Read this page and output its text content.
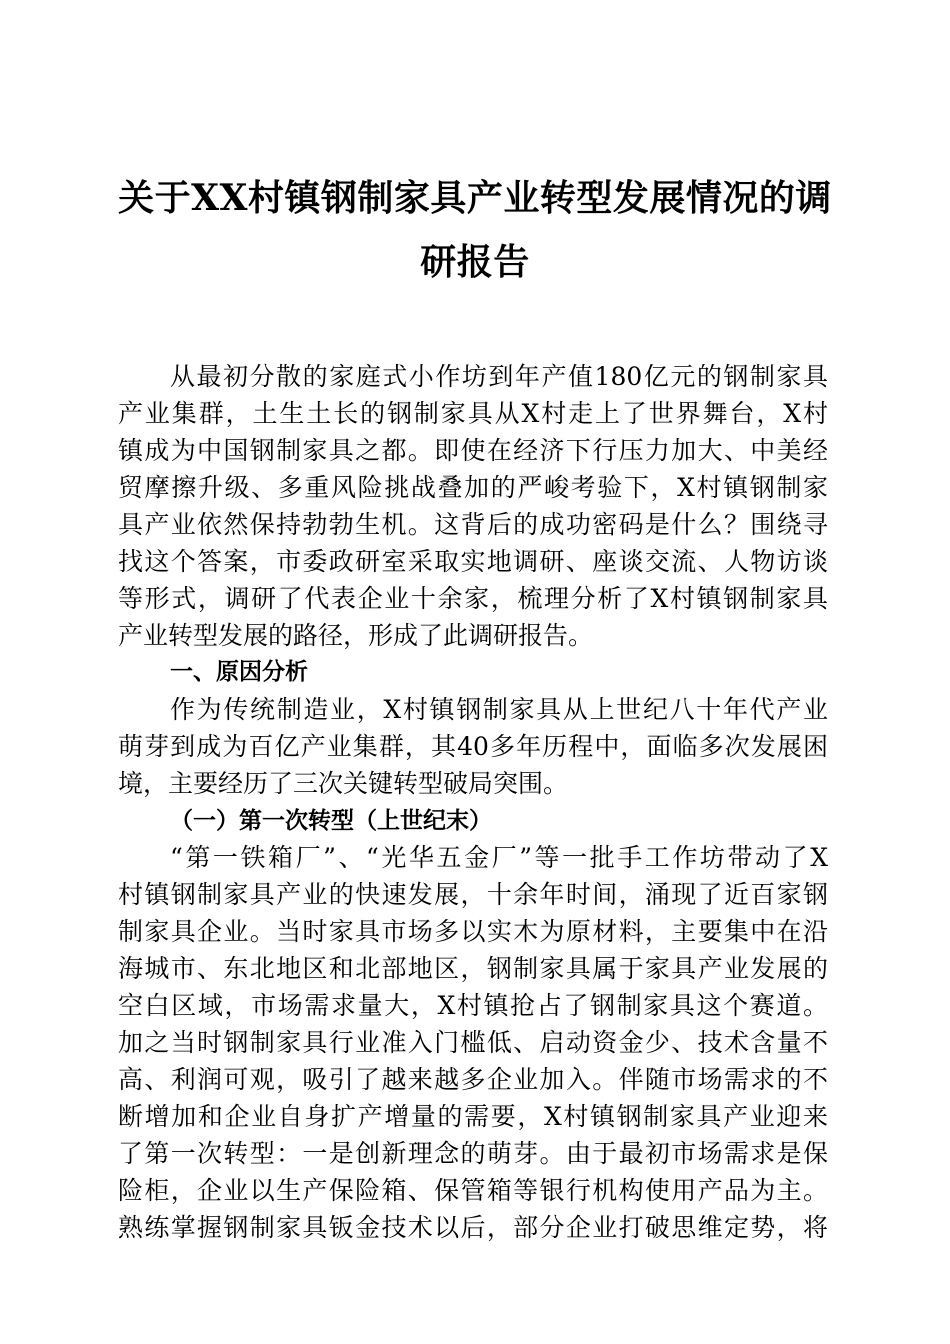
关于XX村镇钢制家具产业转型发展情况的调
研报告
从最初分散的家庭式小作坊到年产值180亿元的钢制家具
产业集群，土生土长的钢制家具从X村走上了世界舞台，X村
镇成为中国钢制家具之都。即使在经济下行压力加大、中美经
贸摩擦升级、多重风险挑战叠加的严峻考验下，X村镇钢制家
具产业依然保持勃勃生机。这背后的成功密码是什么？围绕寻
找这个答案，市委政研室采取实地调研、座谈交流、人物访谈
等形式，调研了代表企业十余家，梳理分析了X村镇钢制家具
产业转型发展的路径，形成了此调研报告。
一、原因分析
作为传统制造业，X村镇钢制家具从上世纪八十年代产业
萌芽到成为百亿产业集群，其40多年历程中，面临多次发展困
境，主要经历了三次关键转型破局突围。
（一）第一次转型（上世纪末）
“第一铁箱厂”、“光华五金厂”等一批手工作坊带动了X
村镇钢制家具产业的快速发展，十余年时间，涌现了近百家钢
制家具企业。当时家具市场多以实木为原材料，主要集中在沿
海城市、东北地区和北部地区，钢制家具属于家具产业发展的
空白区域，市场需求量大，X村镇抢占了钢制家具这个赛道。
加之当时钢制家具行业准入门槛低、启动资金少、技术含量不
高、利润可观，吸引了越来越多企业加入。伴随市场需求的不
断增加和企业自身扩产增量的需要，X村镇钢制家具产业迎来
了第一次转型：一是创新理念的萌芽。由于最初市场需求是保
险柜，企业以生产保险箱、保管箱等银行机构使用产品为主。
熟练掌握钢制家具钣金技术以后，部分企业打破思维定势，将
